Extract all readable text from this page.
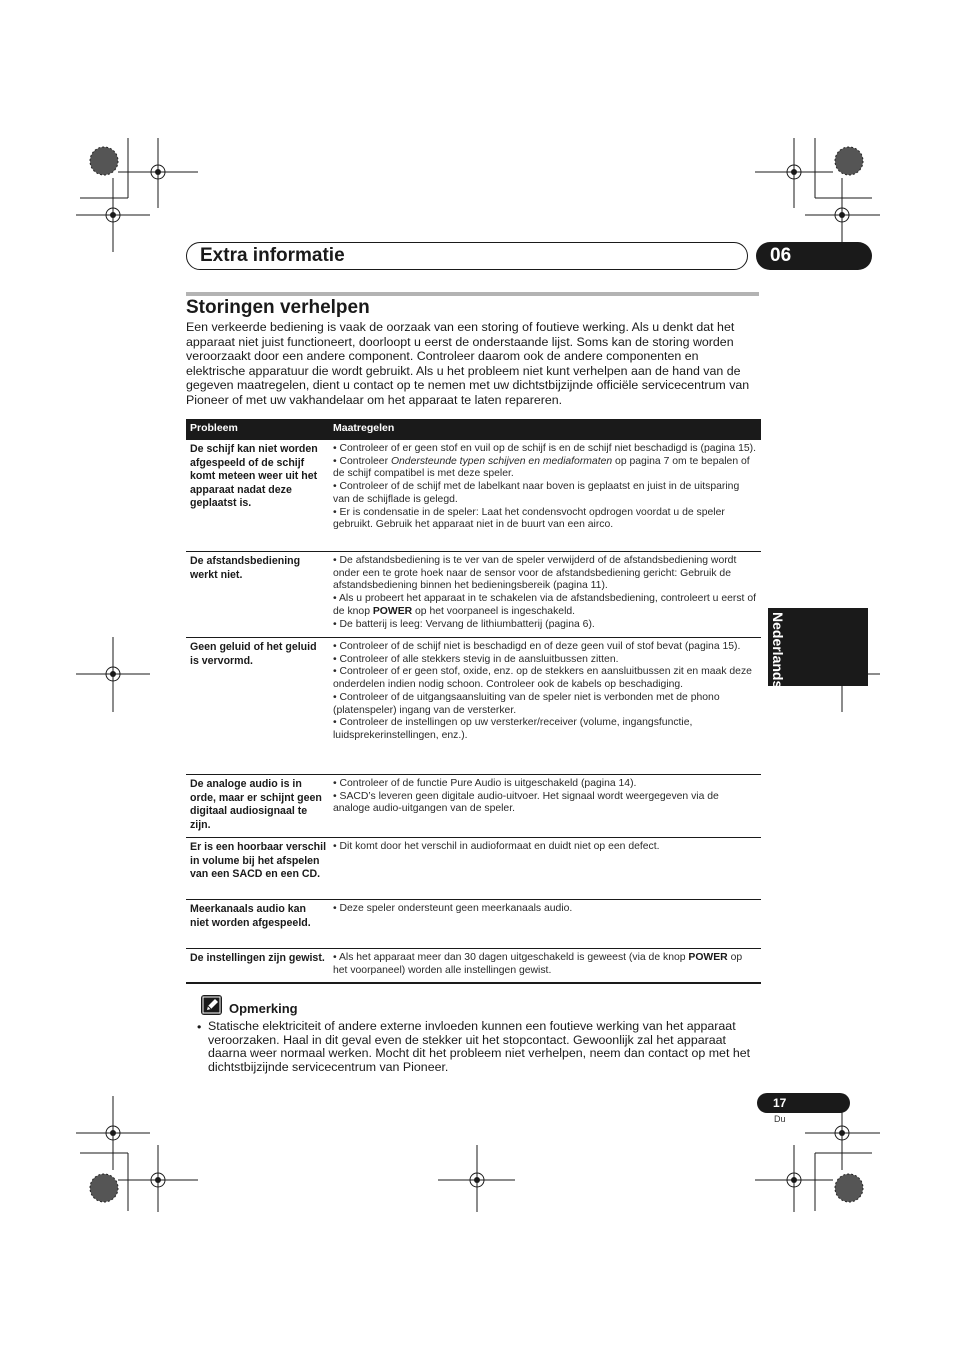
Extra informatie	06
Storingen verhelpen

Een verkeerde bediening is vaak de oorzaak van een storing of foutieve werking. Als u denkt dat het apparaat niet juist functioneert, doorloopt u eerst de onderstaande lijst. Soms kan de storing worden veroorzaakt door een andere component. Controleer daarom ook de andere componenten en elektrische apparatuur die wordt gebruikt. Als u het probleem niet kunt verhelpen aan de hand van de gegeven maatregelen, dient u contact op te nemen met uw dichtstbijzijnde officiële servicecentrum van Pioneer of met uw vakhandelaar om het apparaat te laten repareren.

Probleem	Maatregelen
De schijf kan niet worden afgespeeld of de schijf komt meteen weer uit het apparaat nadat deze geplaatst is.
• Controleer of er geen stof en vuil op de schijf is en de schijf niet beschadigd is (pagina 15).
• Controleer Ondersteunde typen schijven en mediaformaten op pagina 7 om te bepalen of de schijf compatibel is met deze speler.
• Controleer of de schijf met de labelkant naar boven is geplaatst en juist in de uitsparing van de schijflade is gelegd.
• Er is condensatie in de speler: Laat het condensvocht opdrogen voordat u de speler gebruikt. Gebruik het apparaat niet in de buurt van een airco.
De afstandsbediening werkt niet.
• De afstandsbediening is te ver van de speler verwijderd of de afstandsbediening wordt onder een te grote hoek naar de sensor voor de afstandsbediening gericht: Gebruik de afstandsbediening binnen het bedieningsbereik (pagina 11).
• Als u probeert het apparaat in te schakelen via de afstandsbediening, controleert u eerst of de knop POWER op het voorpaneel is ingeschakeld.
• De batterij is leeg: Vervang de lithiumbatterij (pagina 6).
Geen geluid of het geluid is vervormd.
• Controleer of de schijf niet is beschadigd en of deze geen vuil of stof bevat (pagina 15).
• Controleer of alle stekkers stevig in de aansluitbussen zitten.
• Controleer of er geen stof, oxide, enz. op de stekkers en aansluitbussen zit en maak deze onderdelen indien nodig schoon. Controleer ook de kabels op beschadiging.
• Controleer of de uitgangsaansluiting van de speler niet is verbonden met de phono (platenspeler) ingang van de versterker.
• Controleer de instellingen op uw versterker/receiver (volume, ingangsfunctie, luidsprekerinstellingen, enz.).
De analoge audio is in orde, maar er schijnt geen digitaal audiosignaal te zijn.
• Controleer of de functie Pure Audio is uitgeschakeld (pagina 14).
• SACD’s leveren geen digitale audio-uitvoer. Het signaal wordt weergegeven via de analoge audio-uitgangen van de speler.
Er is een hoorbaar verschil in volume bij het afspelen van een SACD en een CD.
• Dit komt door het verschil in audioformaat en duidt niet op een defect.
Meerkanaals audio kan niet worden afgespeeld.
• Deze speler ondersteunt geen meerkanaals audio.
De instellingen zijn gewist. • Als het apparaat meer dan 30 dagen uitgeschakeld is geweest (via de knop POWER op het voorpaneel) worden alle instellingen gewist.
Opmerking
• Statische elektriciteit of andere externe invloeden kunnen een foutieve werking van het apparaat veroorzaken. Haal in dit geval even de stekker uit het stopcontact. Gewoonlijk zal het apparaat daarna weer normaal werken. Mocht dit het probleem niet verhelpen, neem dan contact op met het dichtstbijzijnde servicecentrum van Pioneer.

Nederlands
17
Du
